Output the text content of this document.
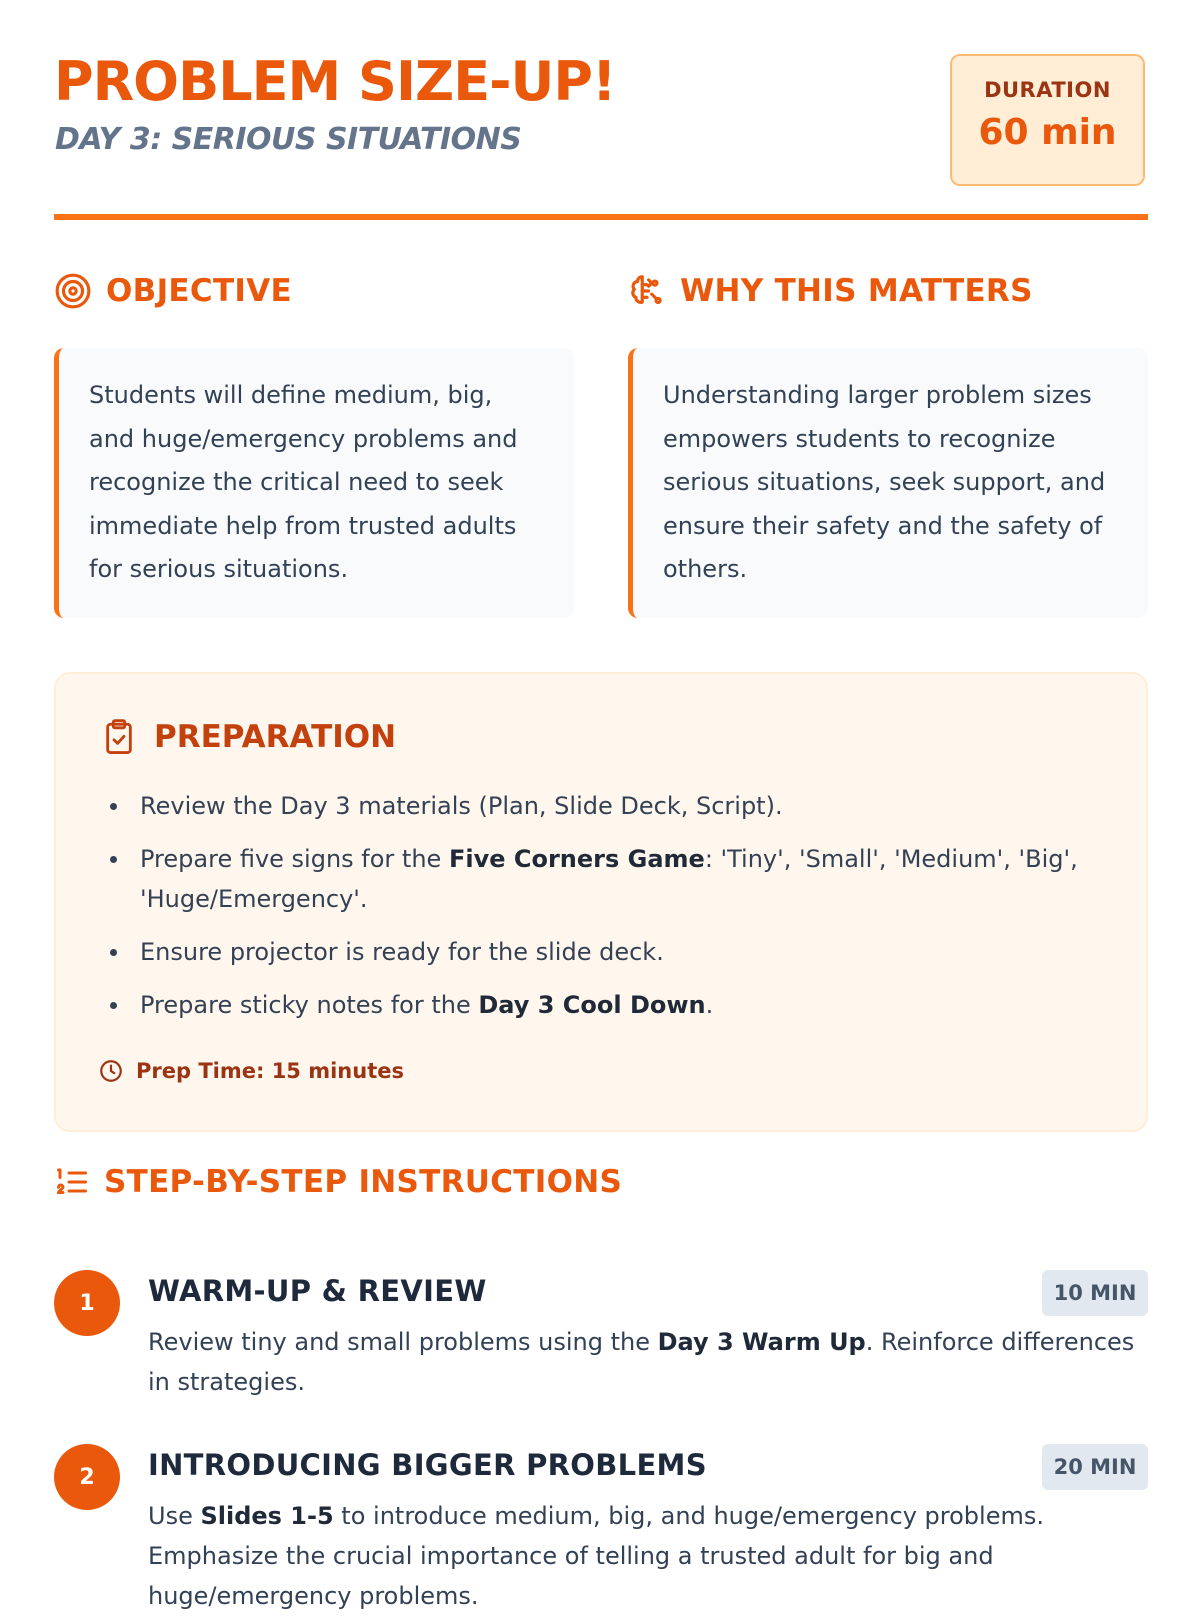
PROBLEM SIZE-UP!
DAY 3: SERIOUS SITUATIONS
DURATION
60 min
OBJECTIVE
Students will define medium, big, and huge/emergency problems and recognize the critical need to seek immediate help from trusted adults for serious situations.
WHY THIS MATTERS
Understanding larger problem sizes empowers students to recognize serious situations, seek support, and ensure their safety and the safety of others.
PREPARATION
Review the Day 3 materials (Plan, Slide Deck, Script).
Prepare five signs for the Five Corners Game: 'Tiny', 'Small', 'Medium', 'Big', 'Huge/Emergency'.
Ensure projector is ready for the slide deck.
Prepare sticky notes for the Day 3 Cool Down.
Prep Time: 15 minutes
STEP-BY-STEP INSTRUCTIONS
1	WARM-UP & REVIEW	10 MIN

Review tiny and small problems using the Day 3 Warm Up. Reinforce differences in strategies.

2	INTRODUCING BIGGER PROBLEMS	20 MIN

Use Slides 1-5 to introduce medium, big, and huge/emergency problems. Emphasize the crucial importance of telling a trusted adult for big and huge/emergency problems.
